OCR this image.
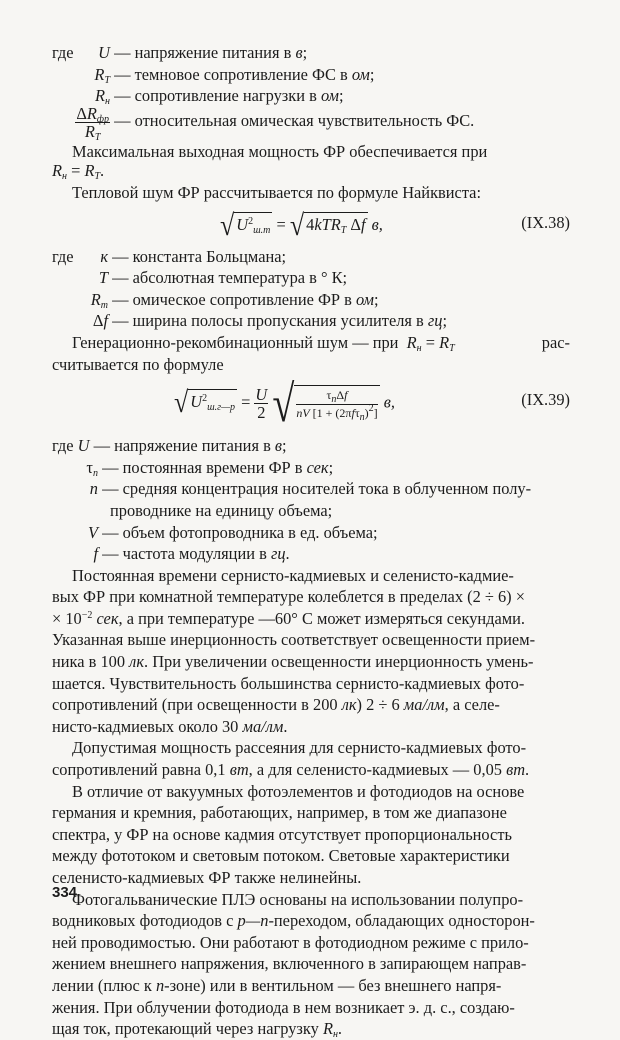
где U — напряжение питания в в;
$R_T$ — темновое сопротивление ФС в ом;
$R_н$ — сопротивление нагрузки в ом;
$\frac{\Delta R_{фр}}{R_T}$ — относительная омическая чувствительность ФС.

Максимальная выходная мощность ФР обеспечивается при

$R_н = R_T$.

Тепловой шум ФР рассчитывается по формуле Найквиста:

√ $U^2_{ш.т}$ = √ 4kTR$_T$ Δf в,	(IX.38)
где к — константа Больцмана;
T — абсолютная температура в ° К;
$R_т$ — омическое сопротивление ФР в ом;
Δf — ширина полосы пропускания усилителя в гц;
Генерационно-рекомбинационный шум — при $R_н = R_T$	рас-
считывается по формуле
√ $U^2_{ш.г—р} = \frac{U}{2}$ √ $\frac{\tau_п\Delta f}{nV [1 + (2\pi f\tau_п)^2]} в$,	(IX.39)
где U — напряжение питания в в;
$\tau_п$ — постоянная времени ФР в сек;
n — средняя концентрация носителей тока в облученном полу-
проводнике на единицу объема;
V — объем фотопроводника в ед. объема;
f — частота модуляции в гц.
Постоянная времени сернисто-кадмиевых и селенисто-кадмие-
вых ФР при комнатной температуре колеблется в пределах (2 ÷ 6) ×
× $10^{-2}$ сек, а при температуре —60° С может измеряться секундами.
Указанная выше инерционность соответствует освещенности прием-
ника в 100 лк. При увеличении освещенности инерционность умень-
шается. Чувствительность большинства сернисто-кадмиевых фото-
сопротивлений (при освещенности в 200 лк) 2 ÷ 6 ма/лм, а селе-
нисто-кадмиевых около 30 ма/лм.
Допустимая мощность рассеяния для сернисто-кадмиевых фото-
сопротивлений равна 0,1 вт, а для селенисто-кадмиевых — 0,05 вт.
В отличие от вакуумных фотоэлементов и фотодиодов на основе
германия и кремния, работающих, например, в том же диапазоне
спектра, у ФР на основе кадмия отсутствует пропорциональность
между фототоком и световым потоком. Световые характеристики
селенисто-кадмиевых ФР также нелинейны.
Фотогальванические ПЛЭ основаны на использовании полупро-
водниковых фотодиодов с p—n-переходом, обладающих односторон-
ней проводимостью. Они работают в фотодиодном режиме с прило-
жением внешнего напряжения, включенного в запирающем направ-
лении (плюс к n-зоне) или в вентильном — без внешнего напря-
жения. При облучении фотодиода в нем возникает э. д. с., создаю-
щая ток, протекающий через нагрузку $R_н$.
334
